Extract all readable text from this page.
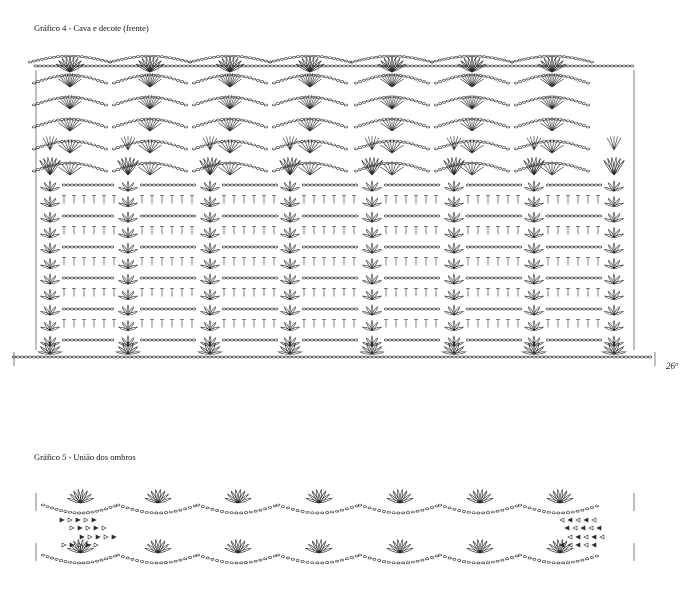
Gráfico 4 - Cava e decote (frente)
26ª
Gráfico 5 - União dos ombros
